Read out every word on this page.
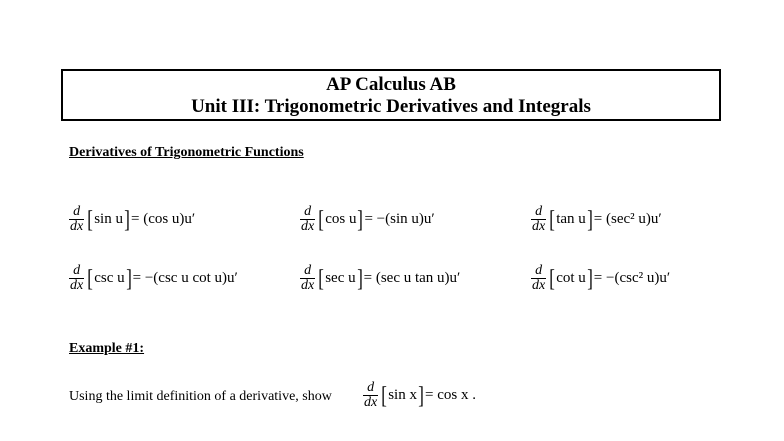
AP Calculus AB
Unit III: Trigonometric Derivatives and Integrals
Derivatives of Trigonometric Functions
$\frac{d}{dx}$ [ sin u ] = (cos u)u′	$\frac{d}{dx}$ [ cos u ] = −(sin u)u′	$\frac{d}{dx}$ [ tan u ] = (sec² u)u′
$\frac{d}{dx}$ [ csc u ] = −(csc u cot u)u′	$\frac{d}{dx}$ [ sec u ] = (sec u tan u)u′	$\frac{d}{dx}$ [ cot u ] = −(csc² u)u′
Example #1:
Using the limit definition of a derivative, show $\frac{d}{dx}$ [ sin x ] = cos x .
